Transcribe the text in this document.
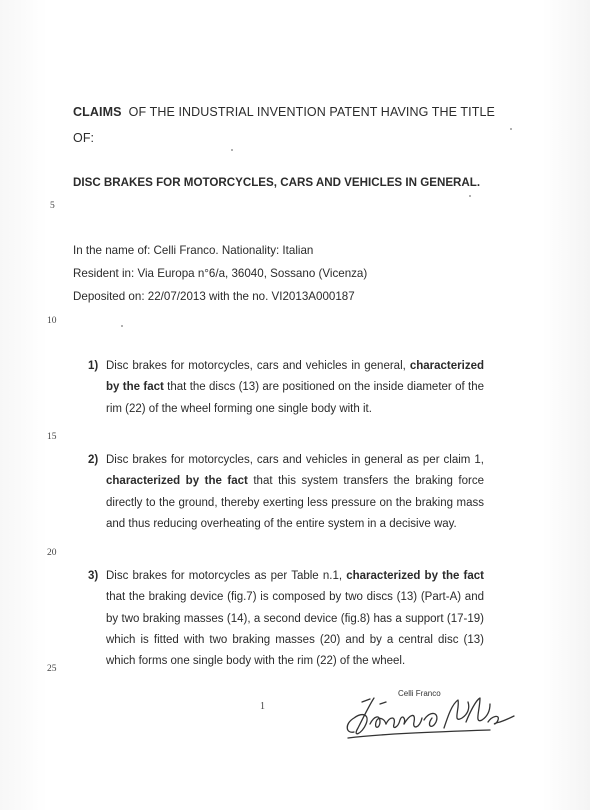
CLAIMS OF THE INDUSTRIAL INVENTION PATENT HAVING THE TITLE
OF:
DISC BRAKES FOR MOTORCYCLES, CARS AND VEHICLES IN GENERAL.
5
10
15
20
25
In the name of: Celli Franco. Nationality: Italian
Resident in: Via Europa n°6/a, 36040, Sossano (Vicenza)
Deposited on: 22/07/2013 with the no. VI2013A000187
1) Disc brakes for motorcycles, cars and vehicles in general, characterized by the fact that the discs (13) are positioned on the inside diameter of the rim (22) of the wheel forming one single body with it.

2) Disc brakes for motorcycles, cars and vehicles in general as per claim 1, characterized by the fact that this system transfers the braking force directly to the ground, thereby exerting less pressure on the braking mass and thus reducing overheating of the entire system in a decisive way.

3) Disc brakes for motorcycles as per Table n.1, characterized by the fact that the braking device (fig.7) is composed by two discs (13) (Part-A) and by two braking masses (14), a second device (fig.8) has a support (17-19) which is fitted with two braking masses (20) and by a central disc (13) which forms one single body with the rim (22) of the wheel.

1
Celli Franco
